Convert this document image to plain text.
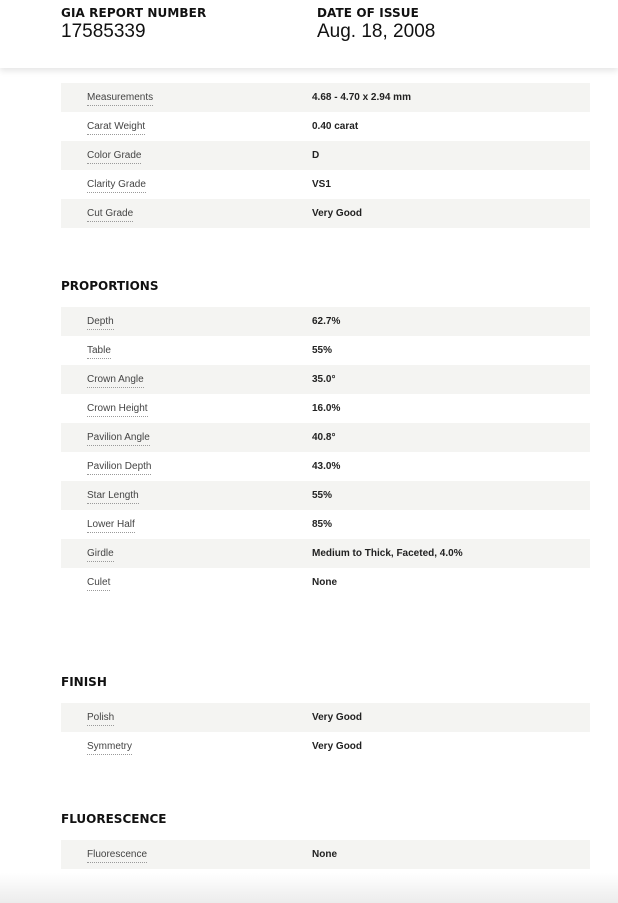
GIA REPORT NUMBER
17585339
DATE OF ISSUE
Aug. 18, 2008
Measurements	4.68 - 4.70 x 2.94 mm
Carat Weight	0.40 carat
Color Grade	D
Clarity Grade	VS1
Cut Grade	Very Good
PROPORTIONS
Depth	62.7%
Table	55%
Crown Angle	35.0°
Crown Height	16.0%
Pavilion Angle	40.8°
Pavilion Depth	43.0%
Star Length	55%
Lower Half	85%
Girdle	Medium to Thick, Faceted, 4.0%
Culet	None
FINISH
Polish	Very Good
Symmetry	Very Good
FLUORESCENCE
Fluorescence	None
